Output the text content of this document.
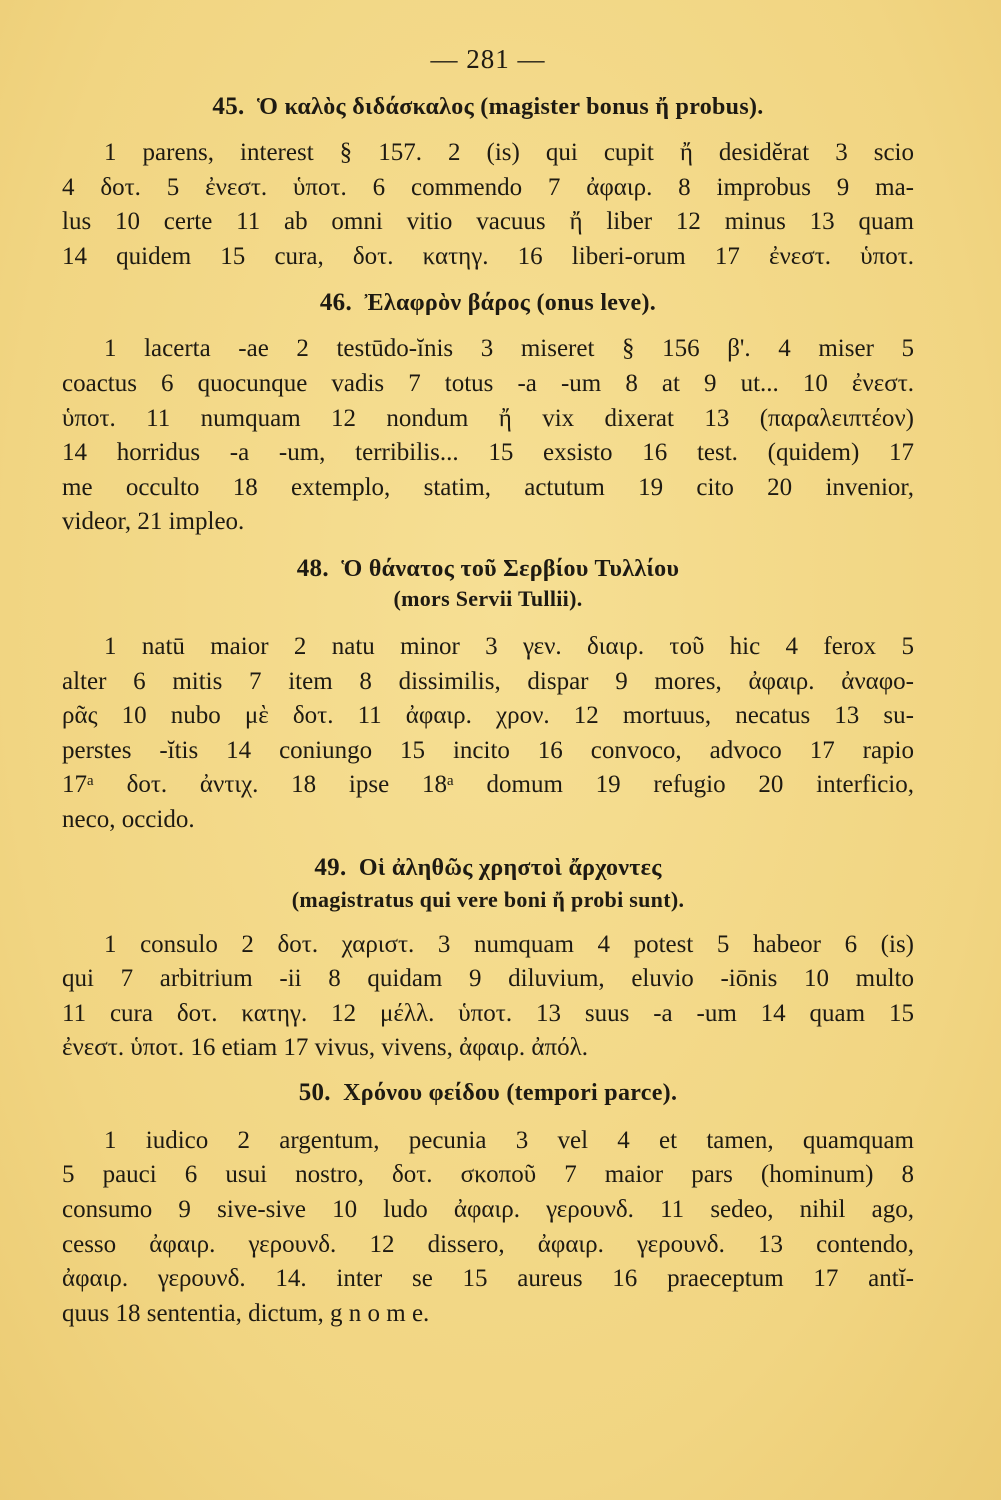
— 281 —
45. Ὁ καλὸς διδάσκαλος (magister bonus ἤ probus).
1 parens, interest § 157. 2 (is) qui cupit ἤ desidĕrat 3 scio
4 δοτ. 5 ἐνεστ. ὑποτ. 6 commendo 7 ἀφαιρ. 8 improbus 9 ma-
lus 10 certe 11 ab omni vitio vacuus ἤ liber 12 minus 13 quam
14 quidem 15 cura, δοτ. κατηγ. 16 liberi-orum 17 ἐνεστ. ὑποτ.
46. Ἐλαφρὸν βάρος (onus leve).
1 lacerta -ae 2 testūdo-ĭnis 3 miseret § 156 β'. 4 miser 5
coactus 6 quocunque vadis 7 totus -a -um 8 at 9 ut... 10 ἐνεστ.
ὑποτ. 11 numquam 12 nondum ἤ vix dixerat 13 (παραλειπτέον)
14 horridus -a -um, terribilis... 15 exsisto 16 test. (quidem) 17
me occulto 18 extemplo, statim, actutum 19 cito 20 invenior,
videor, 21 impleo.
48. Ὁ θάνατος τοῦ Σερβίου Τυλλίου
(mors Servii Tullii).
1 natū maior 2 natu minor 3 γεν. διαιρ. τοῦ hic 4 ferox 5
alter 6 mitis 7 item 8 dissimilis, dispar 9 mores, ἀφαιρ. ἀναφο-
ρᾶς 10 nubo μὲ δοτ. 11 ἀφαιρ. χρον. 12 mortuus, necatus 13 su-
perstes -ĭtis 14 coniungo 15 incito 16 convoco, advoco 17 rapio
17ᵃ δοτ. ἀντιχ. 18 ipse 18ᵃ domum 19 refugio 20 interficio,
neco, occido.
49. Οἱ ἀληθῶς χρηστοὶ ἄρχοντες
(magistratus qui vere boni ἤ probi sunt).
1 consulo 2 δοτ. χαριστ. 3 numquam 4 potest 5 habeor 6 (is)
qui 7 arbitrium -ii 8 quidam 9 diluvium, eluvio -iōnis 10 multo
11 cura δοτ. κατηγ. 12 μέλλ. ὑποτ. 13 suus -a -um 14 quam 15
ἐνεστ. ὑποτ. 16 etiam 17 vivus, vivens, ἀφαιρ. ἀπόλ.
50. Χρόνου φείδου (tempori parce).
1 iudico 2 argentum, pecunia 3 vel 4 et tamen, quamquam
5 pauci 6 usui nostro, δοτ. σκοποῦ 7 maior pars (hominum) 8
consumo 9 sive-sive 10 ludo ἀφαιρ. γερουνδ. 11 sedeo, nihil ago,
cesso ἀφαιρ. γερουνδ. 12 dissero, ἀφαιρ. γερουνδ. 13 contendo,
ἀφαιρ. γερουνδ. 14. inter se 15 aureus 16 praeceptum 17 antĭ-
quus 18 sententia, dictum, g n o m e.
